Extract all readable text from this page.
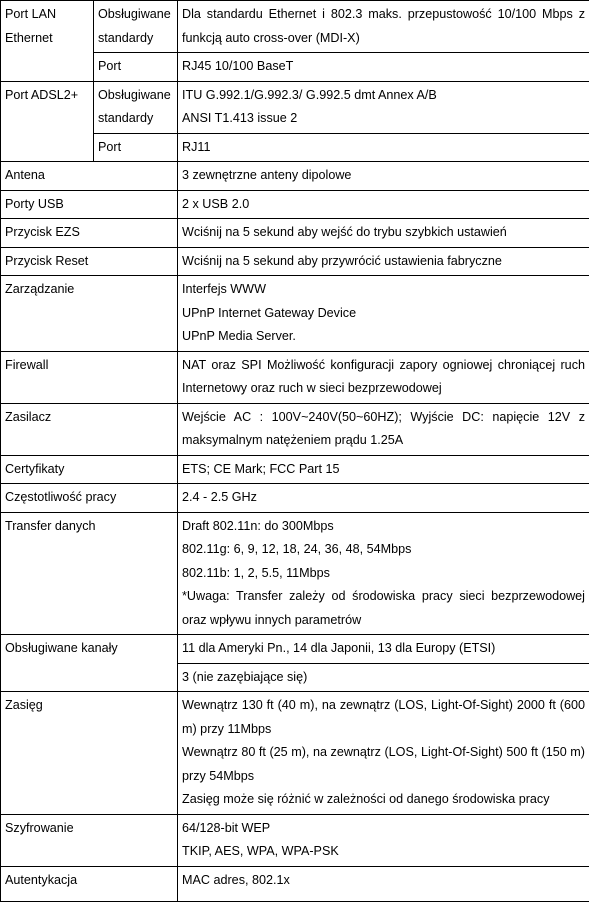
Port LAN Ethernet	Obsługiwane standardy	Dla standardu Ethernet i 802.3 maks. przepustowość 10/100 Mbps z funkcją auto cross-over (MDI-X)
	Port	RJ45 10/100 BaseT
Port ADSL2+	Obsługiwane standardy	ITU G.992.1/G.992.3/ G.992.5 dmt Annex A/B
ANSI T1.413 issue 2

	Port	RJ11
Antena		3 zewnętrzne anteny dipolowe
Porty USB		2 x USB 2.0
Przycisk EZS		Wciśnij na 5 sekund aby wejść do trybu szybkich ustawień
Przycisk Reset		Wciśnij na 5 sekund aby przywrócić ustawienia fabryczne
Zarządzanie		Interfejs WWW
UPnP Internet Gateway Device
UPnP Media Server.

Firewall		NAT oraz SPI Możliwość konfiguracji zapory ogniowej chroniącej ruch Internetowy oraz ruch w sieci bezprzewodowej
Zasilacz		Wejście AC : 100V~240V(50~60HZ); Wyjście DC: napięcie 12V z maksymalnym natężeniem prądu 1.25A
Certyfikaty		ETS; CE Mark; FCC Part 15
Częstotliwość pracy		2.4 - 2.5 GHz
Transfer danych		Draft 802.11n: do 300Mbps
802.11g: 6, 9, 12, 18, 24, 36, 48, 54Mbps
802.11b: 1, 2, 5.5, 11Mbps
*Uwaga: Transfer zależy od środowiska pracy sieci bezprzewodowej oraz wpływu innych parametrów

Obsługiwane kanały		11 dla Ameryki Pn., 14 dla Japonii, 13 dla Europy (ETSI)
		3 (nie zazębiające się)
Zasięg		Wewnątrz 130 ft (40 m), na zewnątrz (LOS, Light-Of-Sight) 2000 ft (600 m) przy 11Mbps
Wewnątrz 80 ft (25 m), na zewnątrz (LOS, Light-Of-Sight) 500 ft (150 m) przy 54Mbps
Zasięg może się różnić w zależności od danego środowiska pracy

Szyfrowanie		64/128-bit WEP
TKIP, AES, WPA, WPA-PSK

Autentykacja		MAC adres, 802.1x
